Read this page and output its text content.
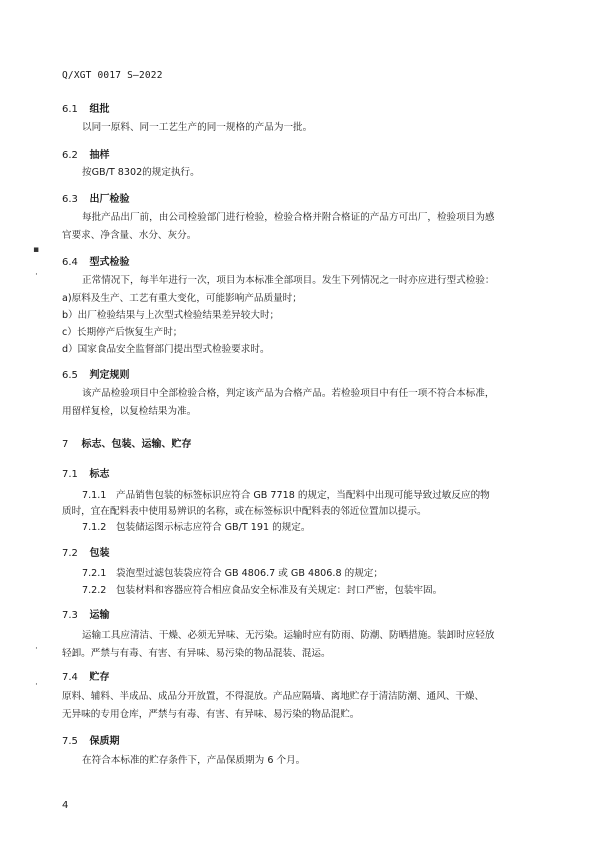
Q/XGT 0017 S—2022
6.1 组批
以同一原料、同一工艺生产的同一规格的产品为一批。
6.2 抽样
按GB/T 8302的规定执行。
6.3 出厂检验
每批产品出厂前，由公司检验部门进行检验，检验合格并附合格证的产品方可出厂，检验项目为感
官要求、净含量、水分、灰分。
6.4 型式检验
正常情况下，每半年进行一次，项目为本标准全部项目。发生下列情况之一时亦应进行型式检验：
a)原料及生产、工艺有重大变化，可能影响产品质量时；
b）出厂检验结果与上次型式检验结果差异较大时；
c）长期停产后恢复生产时；
d）国家食品安全监督部门提出型式检验要求时。
6.5 判定规则
该产品检验项目中全部检验合格，判定该产品为合格产品。若检验项目中有任一项不符合本标准，
用留样复检，以复检结果为准。
7 标志、包装、运输、贮存
7.1 标志
7.1.1　产品销售包装的标签标识应符合 GB 7718 的规定，当配料中出现可能导致过敏反应的物
质时，宜在配料表中使用易辨识的名称，或在标签标识中配料表的邻近位置加以提示。
7.1.2　包装储运图示标志应符合 GB/T 191 的规定。
7.2 包装
7.2.1　袋泡型过滤包装袋应符合 GB 4806.7 或 GB 4806.8 的规定；
7.2.2　包装材料和容器应符合相应食品安全标准及有关规定：封口严密，包装牢固。
7.3 运输
运输工具应清洁、干燥、必须无异味、无污染。运输时应有防雨、防潮、防晒措施。装卸时应轻放
轻卸。严禁与有毒、有害、有异味、易污染的物品混装、混运。
7.4 贮存
原料、辅料、半成品、成品分开放置，不得混放。产品应隔墙、离地贮存于清洁防潮、通风、干燥、
无异味的专用仓库，严禁与有毒、有害、有异味、易污染的物品混贮。
7.5 保质期
在符合本标准的贮存条件下，产品保质期为 6 个月。
▪
·
·
·
4
